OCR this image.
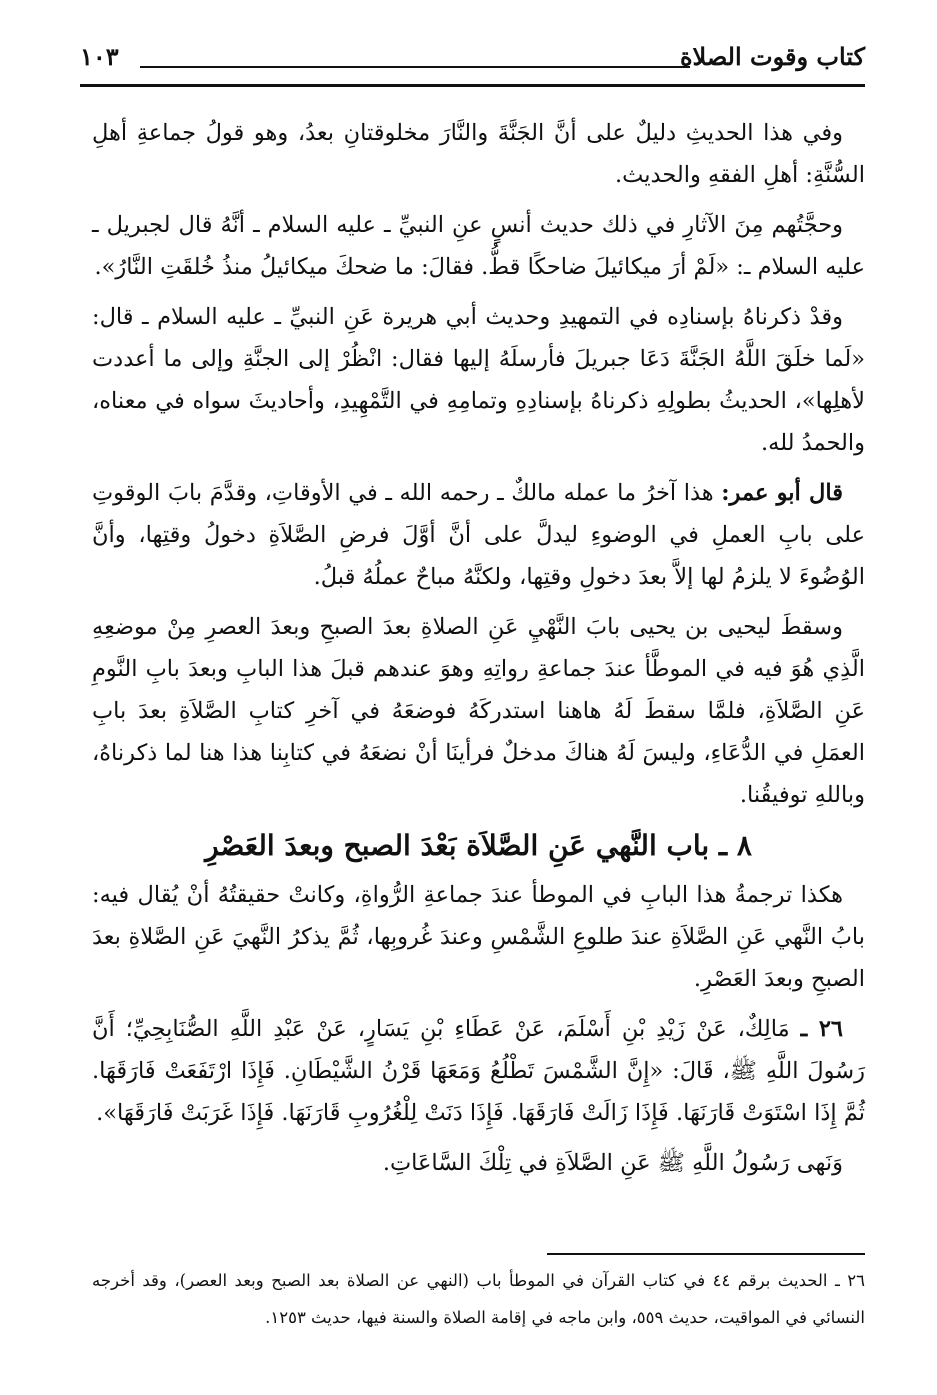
كتاب وقوت الصلاة
١٠٣

وفي هذا الحديثِ دليلٌ على أنَّ الجَنَّةَ والنَّارَ مخلوقتانِ بعدُ، وهو قولُ جماعةِ أهلِ السُّنَّةِ: أهلِ الفقهِ والحديث.

وحجَّتُهم مِنَ الآثارِ في ذلك حديث أنسٍ عنِ النبيِّ ـ عليه السلام ـ أنَّهُ قال لجبريل ـ عليه السلام ـ: «لَمْ أرَ ميكائيلَ ضاحكًا قطُّ. فقالَ: ما ضحكَ ميكائيلُ منذُ خُلقَتِ النَّارُ».

وقدْ ذكرناهُ بإسنادِه في التمهيدِ وحديث أبي هريرة عَنِ النبيِّ ـ عليه السلام ـ قال: «لَما خلَقَ اللَّهُ الجَنَّةَ دَعَا جبريلَ فأرسلَهُ إليها فقال: انْظُرْ إلى الجنَّةِ وإلى ما أعددت لأهلِها»، الحديثُ بطولِهِ ذكرناهُ بإسنادِهِ وتمامِهِ في التَّمْهِيدِ، وأحاديثَ سواه في معناه، والحمدُ لله.

قال أبو عمر: هذا آخرُ ما عمله مالكٌ ـ رحمه الله ـ في الأوقاتِ، وقدَّمَ بابَ الوقوتِ على بابِ العملِ في الوضوءِ ليدلَّ على أنَّ أوَّلَ فرضِ الصَّلاَةِ دخولُ وقتِها، وأنَّ الوُضُوءَ لا يلزمُ لها إلاَّ بعدَ دخولِ وقتِها، ولكنَّهُ مباحٌ عملُهُ قبلُ.

وسقطَ ليحيى بن يحيى بابَ النَّهْيِ عَنِ الصلاةِ بعدَ الصبحِ وبعدَ العصرِ مِنْ موضعِهِ الَّذِي هُوَ فيه في الموطَّأ عندَ جماعةِ رواتِهِ وهوَ عندهم قبلَ هذا البابِ وبعدَ بابِ النَّومِ عَنِ الصَّلاَةِ، فلمَّا سقطَ لَهُ هاهنا استدركَهُ فوضعَهُ في آخرِ كتابِ الصَّلاَةِ بعدَ بابِ العمَلِ في الدُّعَاءِ، وليسَ لَهُ هناكَ مدخلٌ فرأينَا أنْ نضعَهُ في كتابِنا هذا هنا لما ذكرناهُ، وباللهِ توفيقُنا.

٨ ـ باب النَّهي عَنِ الصَّلاَة بَعْدَ الصبح وبعدَ العَصْرِ

هكذا ترجمةُ هذا البابِ في الموطأ عندَ جماعةِ الرُّواةِ، وكانتْ حقيقتُهُ أنْ يُقال فيه: بابُ النَّهي عَنِ الصَّلاَةِ عندَ طلوعِ الشَّمْسِ وعندَ غُروبِها، ثُمَّ يذكرُ النَّهيَ عَنِ الصَّلاةِ بعدَ الصبحِ وبعدَ العَصْرِ.

٢٦ ـ مَالِكٌ، عَنْ زَيْدِ بْنِ أَسْلَمَ، عَنْ عَطَاءِ بْنِ يَسَارٍ، عَنْ عَبْدِ اللَّهِ الصُّنَابِحِيِّ؛ أَنَّ رَسُولَ اللَّهِ ﷺ، قَالَ: «إِنَّ الشَّمْسَ تَطْلُعُ وَمَعَهَا قَرْنُ الشَّيْطَانِ. فَإِذَا ارْتَفَعَتْ فَارَقَهَا. ثُمَّ إِذَا اسْتَوَتْ قَارَنَهَا. فَإِذَا زَالَتْ فَارَقَهَا. فَإِذَا دَنَتْ لِلْغُرُوبِ قَارَنَهَا. فَإِذَا غَرَبَتْ فَارَقَهَا».

وَنَهى رَسُولُ اللَّهِ ﷺ عَنِ الصَّلاَةِ في تِلْكَ السَّاعَاتِ.

٢٦ ـ الحديث برقم ٤٤ في كتاب القرآن في الموطأ باب (النهي عن الصلاة بعد الصبح وبعد العصر)، وقد أخرجه النسائي في المواقيت، حديث ٥٥٩، وابن ماجه في إقامة الصلاة والسنة فيها، حديث ١٢٥٣.
